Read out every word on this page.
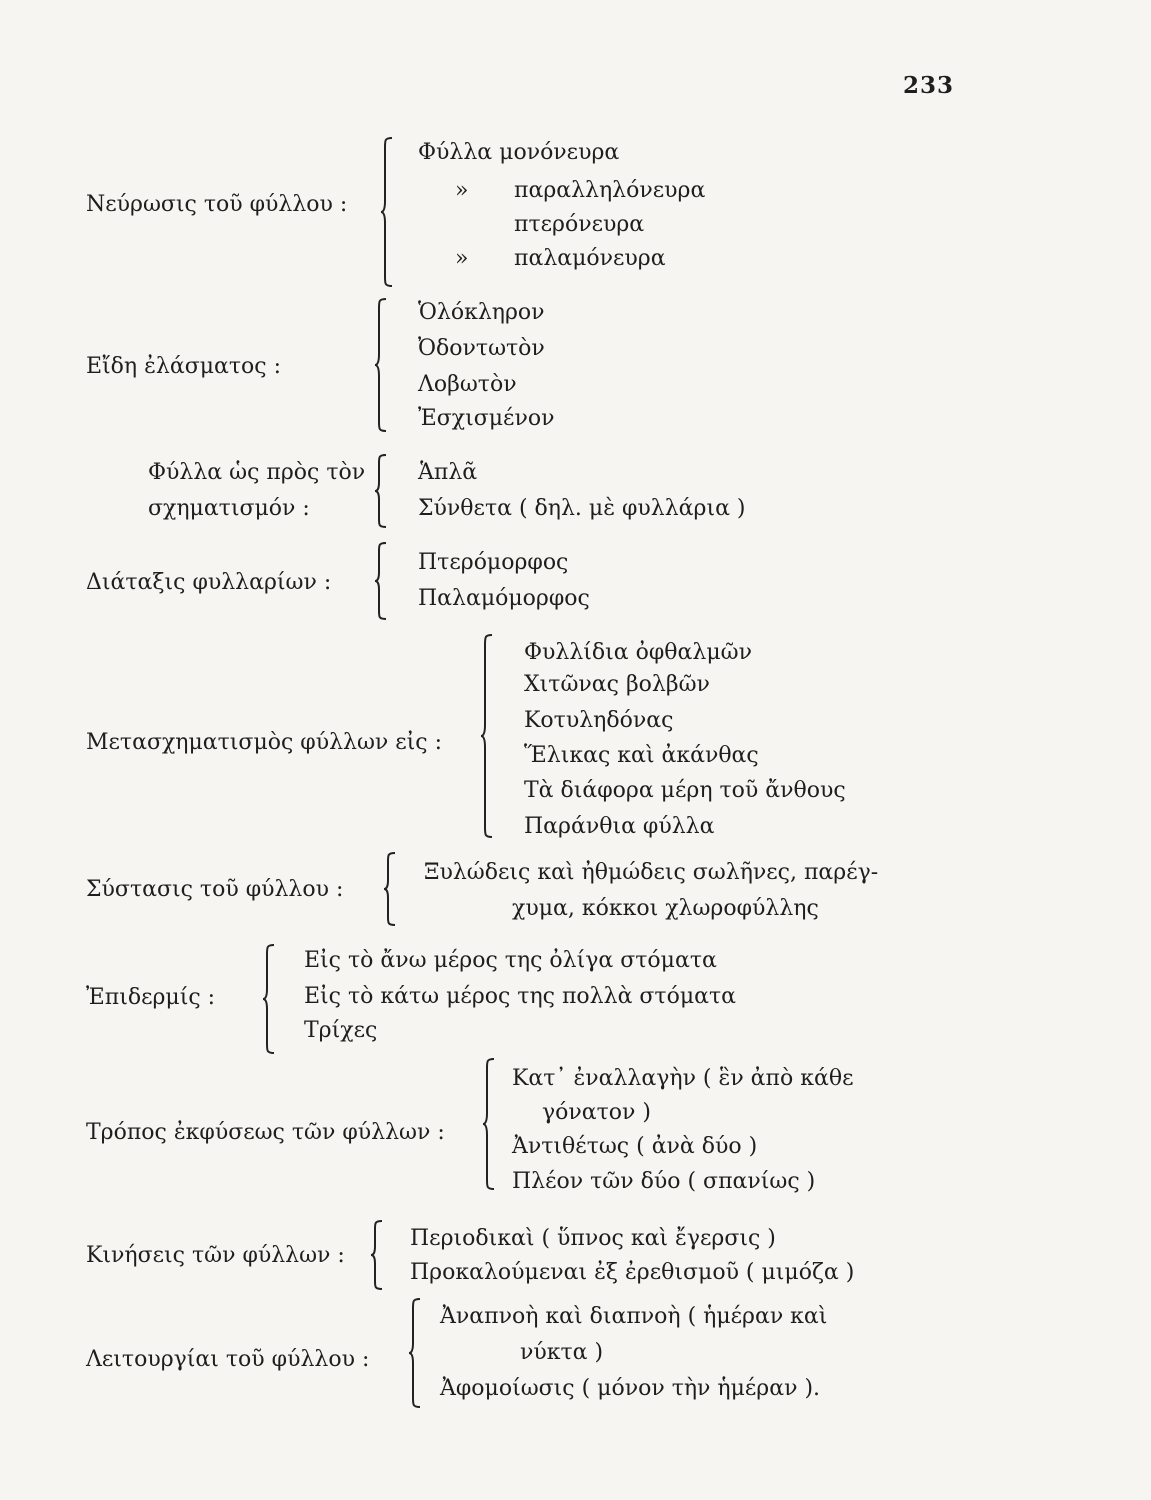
233
Νεύρωσις τοῦ φύλλου :
Φύλλα μονόνευρα
» παραλληλόνευρα
πτερόνευρα
» παλαμόνευρα
Εἴδη ἐλάσματος :
Ὁλόκληρον
Ὀδοντωτὸν
Λοβωτὸν
Ἐσχισμένον
Φύλλα ὡς πρὸς τὸν
σχηματισμόν :
Ἁπλᾶ
Σύνθετα ( δηλ. μὲ φυλλάρια )
Διάταξις φυλλαρίων :
Πτερόμορφος
Παλαμόμορφος
Μετασχηματισμὸς φύλλων εἰς :
Φυλλίδια ὀφθαλμῶν
Χιτῶνας βολβῶν
Κοτυληδόνας
Ἕλικας καὶ ἀκάνθας
Τὰ διάφορα μέρη τοῦ ἄνθους
Παράνθια φύλλα
Σύστασις τοῦ φύλλου :
Ξυλώδεις καὶ ἠθμώδεις σωλῆνες, παρέγ-
χυμα, κόκκοι χλωροφύλλης
Ἐπιδερμίς :
Εἰς τὸ ἄνω μέρος της ὀλίγα στόματα
Εἰς τὸ κάτω μέρος της πολλὰ στόματα
Τρίχες
Τρόπος ἐκφύσεως τῶν φύλλων :
Κατ᾽ ἐναλλαγὴν ( ἓν ἀπὸ κάθε
γόνατον )
Ἀντιθέτως ( ἀνὰ δύο )
Πλέον τῶν δύο ( σπανίως )
Κινήσεις τῶν φύλλων :
Περιοδικαὶ ( ὕπνος καὶ ἔγερσις )
Προκαλούμεναι ἐξ ἐρεθισμοῦ ( μιμόζα )
Λειτουργίαι τοῦ φύλλου :
Ἀναπνοὴ καὶ διαπνοὴ ( ἡμέραν καὶ
νύκτα )
Ἀφομοίωσις ( μόνον τὴν ἡμέραν ).
